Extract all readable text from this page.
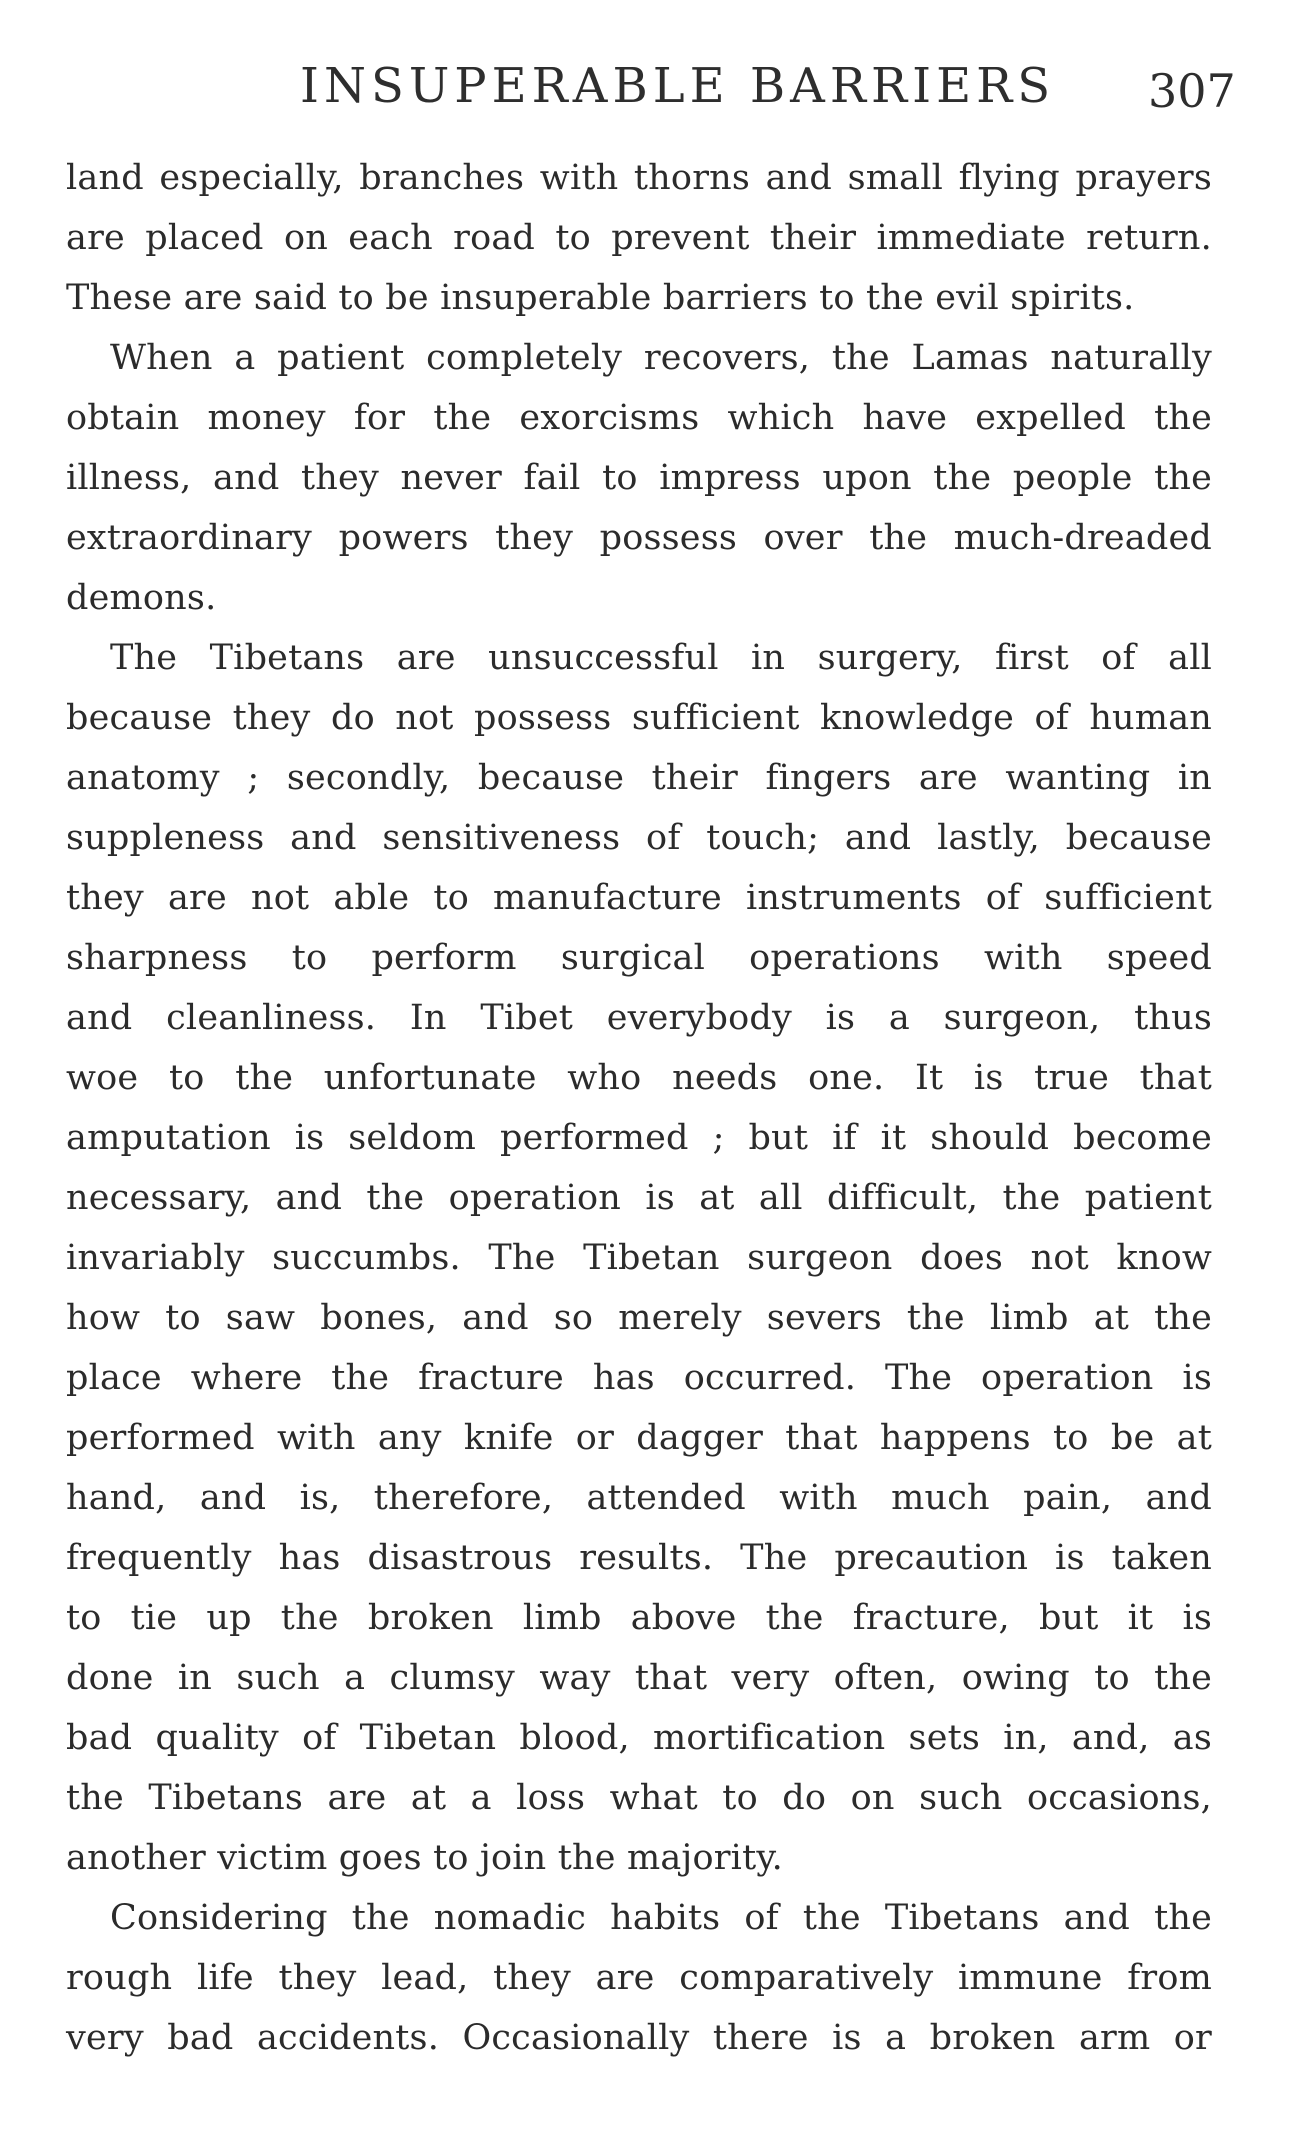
INSUPERABLE BARRIERS 307
land especially, branches with thorns and small flying prayers
are placed on each road to prevent their immediate return.
These are said to be insuperable barriers to the evil spirits.
When a patient completely recovers, the Lamas naturally
obtain money for the exorcisms which have expelled the
illness, and they never fail to impress upon the people the
extraordinary powers they possess over the much-dreaded
demons.
The Tibetans are unsuccessful in surgery, first of all
because they do not possess sufficient knowledge of human
anatomy ; secondly, because their fingers are wanting in
suppleness and sensitiveness of touch; and lastly, because
they are not able to manufacture instruments of sufficient
sharpness to perform surgical operations with speed
and cleanliness. In Tibet everybody is a surgeon, thus
woe to the unfortunate who needs one. It is true that
amputation is seldom performed ; but if it should become
necessary, and the operation is at all difficult, the patient
invariably succumbs. The Tibetan surgeon does not know
how to saw bones, and so merely severs the limb at the
place where the fracture has occurred. The operation is
performed with any knife or dagger that happens to be at
hand, and is, therefore, attended with much pain, and
frequently has disastrous results. The precaution is taken
to tie up the broken limb above the fracture, but it is
done in such a clumsy way that very often, owing to the
bad quality of Tibetan blood, mortification sets in, and, as
the Tibetans are at a loss what to do on such occasions,
another victim goes to join the majority.
Considering the nomadic habits of the Tibetans and the
rough life they lead, they are comparatively immune from
very bad accidents. Occasionally there is a broken arm or
